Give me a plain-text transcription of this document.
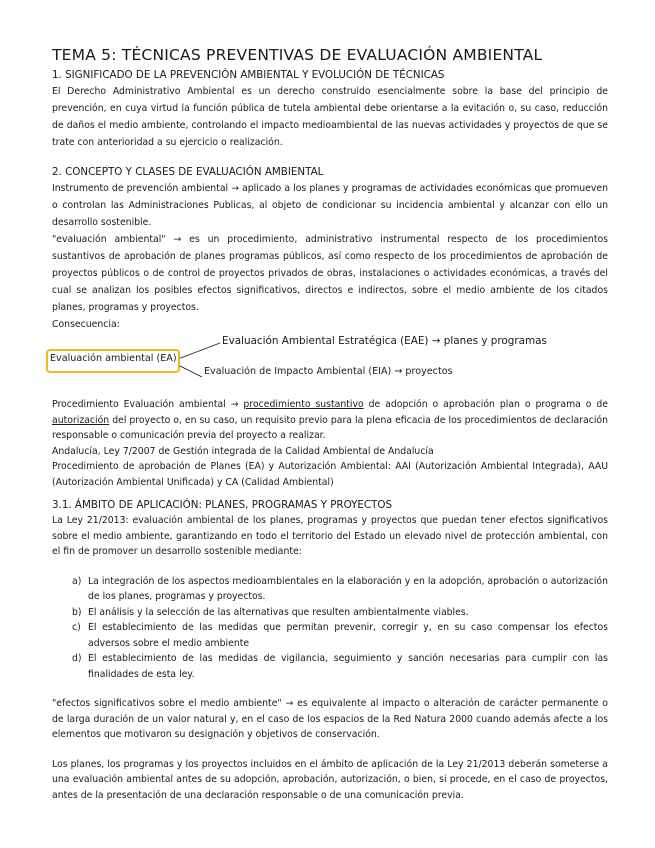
TEMA 5: TÉCNICAS PREVENTIVAS DE EVALUACIÓN AMBIENTAL
1. SIGNIFICADO DE LA PREVENCIÓN AMBIENTAL Y EVOLUCIÓN DE TÉCNICAS

El Derecho Administrativo Ambiental es un derecho construido esencialmente sobre la base del principio de prevención, en cuya virtud la función pública de tutela ambiental debe orientarse a la evitación o, su caso, reducción de daños el medio ambiente, controlando el impacto medioambiental de las nuevas actividades y proyectos de que se trate con anterioridad a su ejercicio o realización.

2. CONCEPTO Y CLASES DE EVALUACIÓN AMBIENTAL

Instrumento de prevención ambiental → aplicado a los planes y programas de actividades económicas que promueven o controlan las Administraciones Publicas, al objeto de condicionar su incidencia ambiental y alcanzar con ello un desarrollo sostenible.

"evaluación ambiental" → es un procedimiento, administrativo instrumental respecto de los procedimientos sustantivos de aprobación de planes programas públicos, así como respecto de los procedimientos de aprobación de proyectos públicos o de control de proyectos privados de obras, instalaciones o actividades económicas, a través del cual se analizan los posibles efectos significativos, directos e indirectos, sobre el medio ambiente de los citados planes, programas y proyectos.

Consecuencia:

Evaluación Ambiental Estratégica (EAE) → planes y programas
Evaluación ambiental (EA)
Evaluación de Impacto Ambiental (EIA) → proyectos

Procedimiento Evaluación ambiental → procedimiento sustantivo de adopción o aprobación plan o programa o de autorización del proyecto o, en su caso, un requisito previo para la plena eficacia de los procedimientos de declaración responsable o comunicación previa del proyecto a realizar.

Andalucía, Ley 7/2007 de Gestión integrada de la Calidad Ambiental de Andalucía

Procedimiento de aprobación de Planes (EA) y Autorización Ambiental: AAI (Autorización Ambiental Integrada), AAU (Autorización Ambiental Unificada) y CA (Calidad Ambiental)

3.1. ÁMBITO DE APLICACIÓN: PLANES, PROGRAMAS Y PROYECTOS

La Ley 21/2013: evaluación ambiental de los planes, programas y proyectos que puedan tener efectos significativos sobre el medio ambiente, garantizando en todo el territorio del Estado un elevado nivel de protección ambiental, con el fin de promover un desarrollo sostenible mediante:

a) La integración de los aspectos medioambientales en la elaboración y en la adopción, aprobación o autorización de los planes, programas y proyectos.
b) El análisis y la selección de las alternativas que resulten ambientalmente viables.
c) El establecimiento de las medidas que permitan prevenir, corregir y, en su caso compensar los efectos adversos sobre el medio ambiente
d) El establecimiento de las medidas de vigilancia, seguimiento y sanción necesarias para cumplir con las finalidades de esta ley.

"efectos significativos sobre el medio ambiente" → es equivalente al impacto o alteración de carácter permanente o de larga duración de un valor natural y, en el caso de los espacios de la Red Natura 2000 cuando además afecte a los elementos que motivaron su designación y objetivos de conservación.

Los planes, los programas y los proyectos incluidos en el ámbito de aplicación de la Ley 21/2013 deberán someterse a una evaluación ambiental antes de su adopción, aprobación, autorización, o bien, si procede, en el caso de proyectos, antes de la presentación de una declaración responsable o de una comunicación previa.
